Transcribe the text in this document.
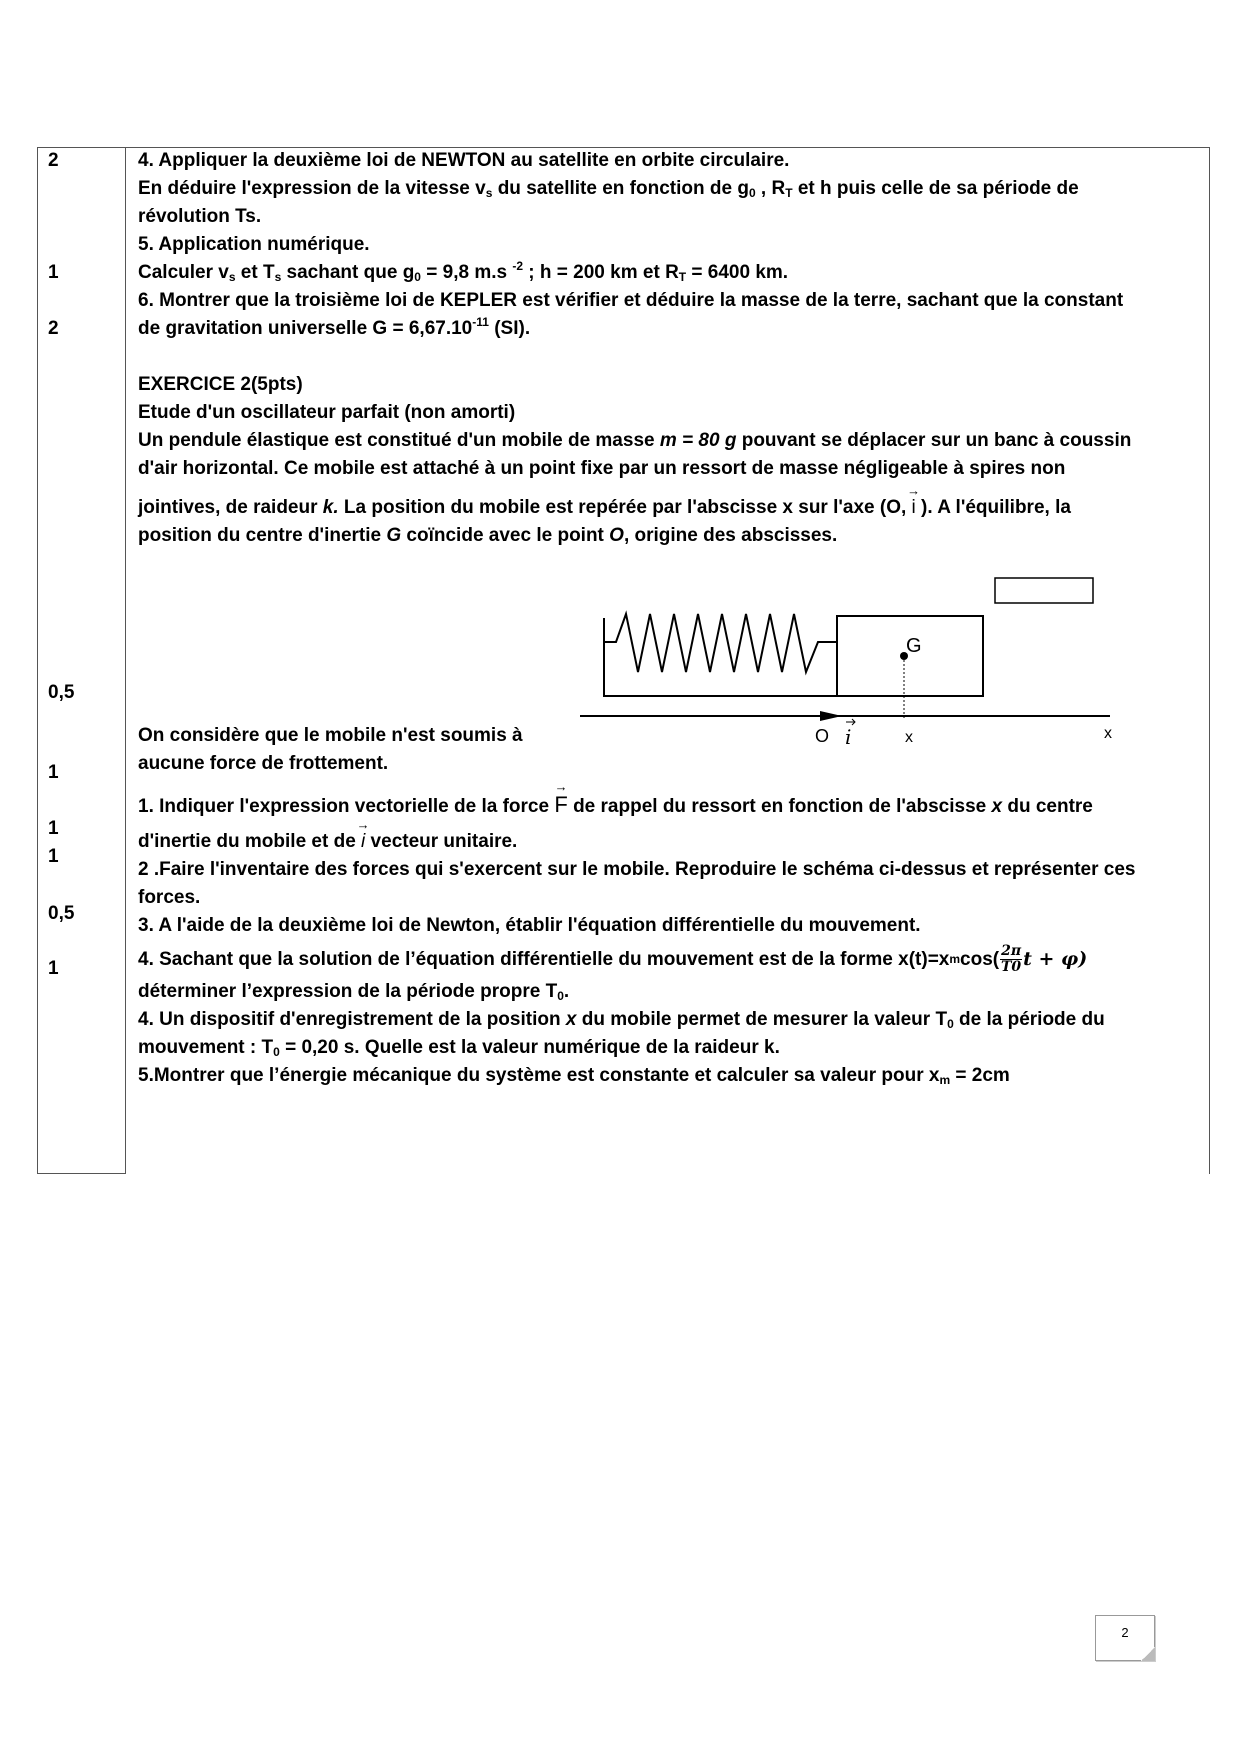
2
1
2
0,5
1
1
1
0,5
1
4. Appliquer la deuxième loi de NEWTON au satellite en orbite circulaire.
En déduire l'expression de la vitesse $v_s$ du satellite en fonction de $g_0$ , $R_T$ et h puis celle de sa période de
révolution Ts.
5. Application numérique.
Calculer $v_s$ et $T_s$ sachant que $g_0 = 9,8$ m.s $^{-2}$ ; h = 200 km et $R_T = 6400$ km.
6. Montrer que la troisième loi de KEPLER est vérifier et déduire la masse de la terre, sachant que la constant
de gravitation universelle $G = 6,67.10^{-11}$ (SI).
EXERCICE 2(5pts)
Etude d'un oscillateur parfait (non amorti)
Un pendule élastique est constitué d'un mobile de masse m = 80 g pouvant se déplacer sur un banc à coussin
d'air horizontal. Ce mobile est attaché à un point fixe par un ressort de masse négligeable à spires non
jointives, de raideur k. La position du mobile est repérée par l'abscisse x sur l'axe (O, → i ). A l'équilibre, la
position du centre d'inertie G coïncide avec le point O, origine des abscisses.
G
O i	x	x
On considère que le mobile n'est soumis à
aucune force de frottement.
1. Indiquer l'expression vectorielle de la force → F de rappel du ressort en fonction de l'abscisse x du centre
d'inertie du mobile et de → i vecteur unitaire.
2 .Faire l'inventaire des forces qui s'exercent sur le mobile. Reproduire le schéma ci-dessus et représenter ces
forces.
3. A l'aide de la deuxième loi de Newton, établir l'équation différentielle du mouvement.
4. Sachant que la solution de l’équation différentielle du mouvement est de la forme x(t)=x m $\cos( \frac{2\pi}{T0}$ t + φ)
déterminer l’expression de la période propre $T_0$.
4. Un dispositif d'enregistrement de la position x du mobile permet de mesurer la valeur $T_0$ de la période du
mouvement : $T_0 = 0,20$ s. Quelle est la valeur numérique de la raideur k.
5.Montrer que l’énergie mécanique du système est constante et calculer sa valeur pour $x_m = 2cm$
2
